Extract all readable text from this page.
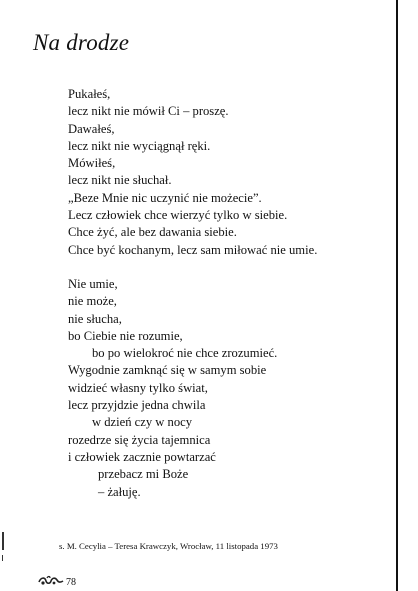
Na drodze
Pukałeś,
lecz nikt nie mówił Ci – proszę.
Dawałeś,
lecz nikt nie wyciągnął ręki.
Mówiłeś,
lecz nikt nie słuchał.
„Beze Mnie nic uczynić nie możecie”.
Lecz człowiek chce wierzyć tylko w siebie.
Chce żyć, ale bez dawania siebie.
Chce być kochanym, lecz sam miłować nie umie.
Nie umie,
nie może,
nie słucha,
bo Ciebie nie rozumie,
bo po wielokroć nie chce zrozumieć.
Wygodnie zamknąć się w samym sobie
widzieć własny tylko świat,
lecz przyjdzie jedna chwila
w dzień czy w nocy
rozedrze się życia tajemnica
i człowiek zacznie powtarzać
przebacz mi Boże
– żałuję.
s. M. Cecylia – Teresa Krawczyk, Wrocław, 11 listopada 1973
78
